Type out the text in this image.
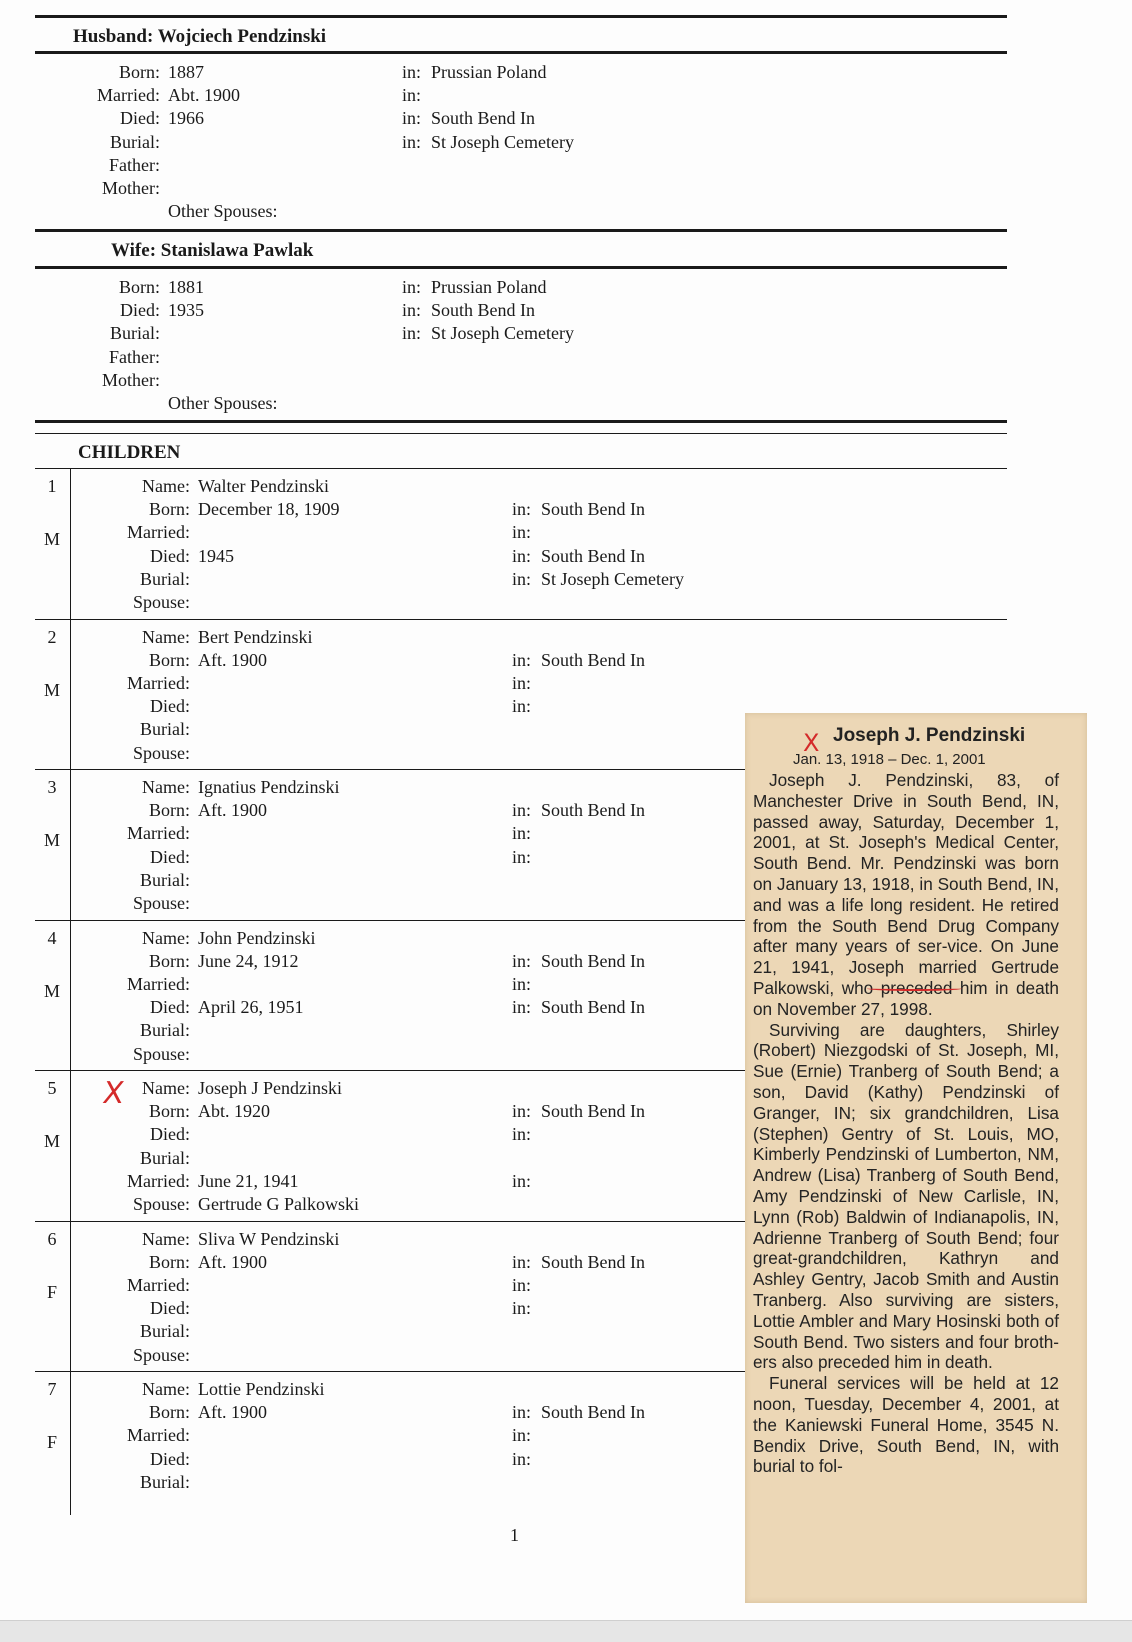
Husband: Wojciech Pendzinski
Born: 1887	in: Prussian Poland
Married: Abt. 1900	in:
Died: 1966	in: South Bend In
Burial:	in: St Joseph Cemetery
Father:
Mother:
Other Spouses:
Wife: Stanislawa Pawlak
Born: 1881	in: Prussian Poland
Died: 1935	in: South Bend In
Burial:	in: St Joseph Cemetery
Father:
Mother:
Other Spouses:
CHILDREN
1
M
Name: Walter Pendzinski
Born: December 18, 1909	in: South Bend In
Married:	in:
Died: 1945	in: South Bend In
Burial:	in: St Joseph Cemetery
Spouse:
2
M
Name: Bert Pendzinski
Born: Aft. 1900	in: South Bend In
Married:	in:
Died:	in:
Burial:
Spouse:
3
M
Name: Ignatius Pendzinski
Born: Aft. 1900	in: South Bend In
Married:	in:
Died:	in:
Burial:
Spouse:
4
M
Name: John Pendzinski
Born: June 24, 1912	in: South Bend In
Married:	in:
Died: April 26, 1951	in: South Bend In
Burial:
Spouse:
5
M
X Name: Joseph J Pendzinski
Born: Abt. 1920	in: South Bend In
Died:	in:
Burial:
Married: June 21, 1941	in:
Spouse: Gertrude G Palkowski
6
F
Name: Sliva W Pendzinski
Born: Aft. 1900	in: South Bend In
Married:	in:
Died:	in:
Burial:
Spouse:
7
F
Name: Lottie Pendzinski
Born: Aft. 1900	in: South Bend In
Married:	in:
Died:	in:
Burial:
1
X Joseph J. Pendzinski
Jan. 13, 1918 – Dec. 1, 2001

Joseph J. Pendzinski, 83, of Manchester Drive in South Bend, IN, passed away, Saturday, December 1, 2001, at St. Joseph's Medical Center, South Bend. Mr. Pendzinski was born on January 13, 1918, in South Bend, IN, and was a life long resident. He retired from the South Bend Drug Company after many years of ser-vice. On June 21, 1941, Joseph married Gertrude Palkowski, who preceded him in death on November 27, 1998.

Surviving are daughters, Shirley (Robert) Niezgodski of St. Joseph, MI, Sue (Ernie) Tranberg of South Bend; a son, David (Kathy) Pendzinski of Granger, IN; six grandchildren, Lisa (Stephen) Gentry of St. Louis, MO, Kimberly Pendzinski of Lumberton, NM, Andrew (Lisa) Tranberg of South Bend, Amy Pendzinski of New Carlisle, IN, Lynn (Rob) Baldwin of Indianapolis, IN, Adrienne Tranberg of South Bend; four great-grandchildren, Kathryn and Ashley Gentry, Jacob Smith and Austin Tranberg. Also surviving are sisters, Lottie Ambler and Mary Hosinski both of South Bend. Two sisters and four broth-ers also preceded him in death.

Funeral services will be held at 12 noon, Tuesday, December 4, 2001, at the Kaniewski Funeral Home, 3545 N. Bendix Drive, South Bend, IN, with burial to fol-
